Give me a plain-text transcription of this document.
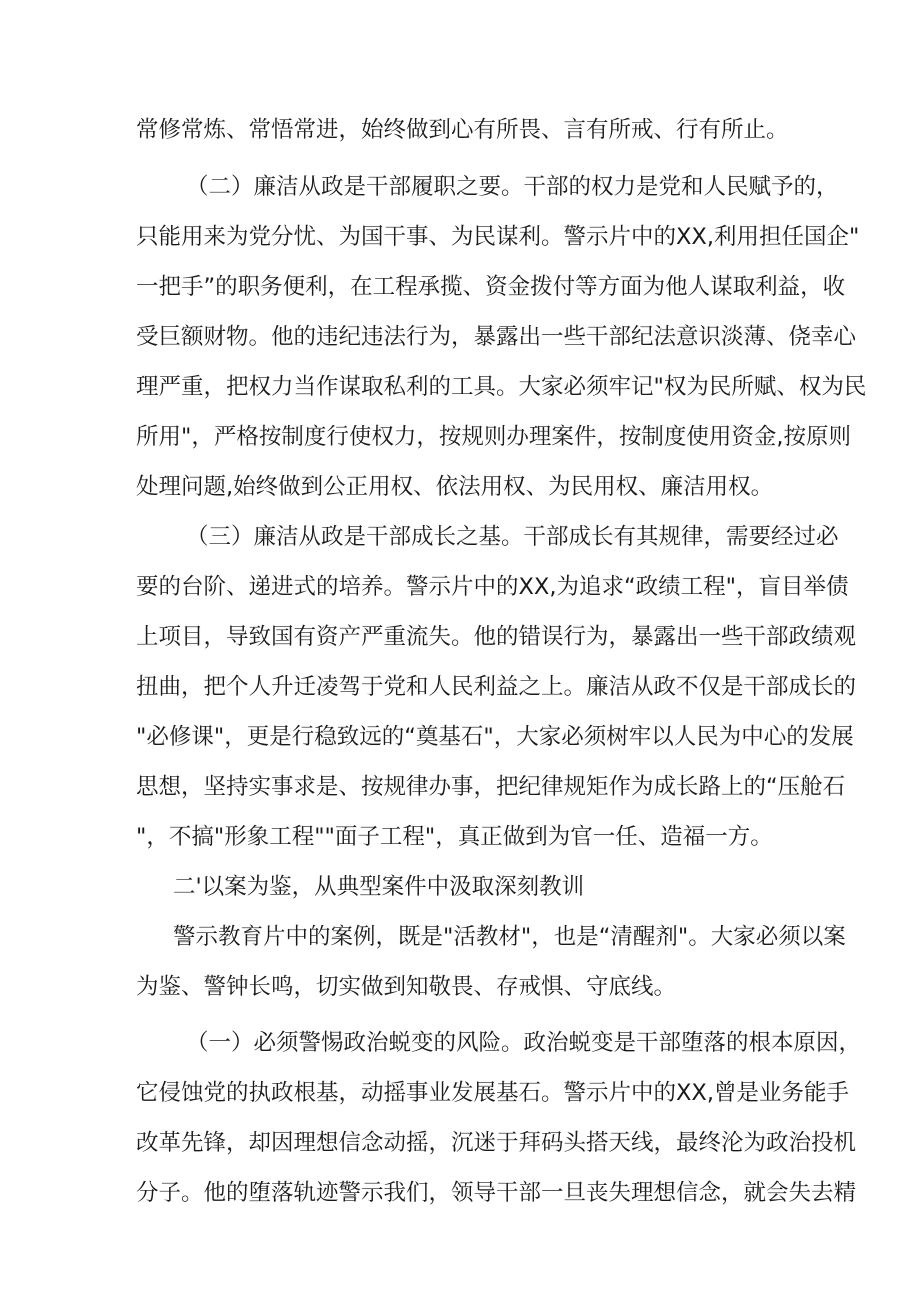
常修常炼、常悟常进，始终做到心有所畏、言有所戒、行有所止。
（二）廉洁从政是干部履职之要。干部的权力是党和人民赋予的，
只能用来为党分忧、为国干事、为民谋利。警示片中的XX,利用担任国企"
一把手”的职务便利，在工程承揽、资金拨付等方面为他人谋取利益，收
受巨额财物。他的违纪违法行为，暴露出一些干部纪法意识淡薄、侥幸心
理严重，把权力当作谋取私利的工具。大家必须牢记"权为民所赋、权为民
所用"，严格按制度行使权力，按规则办理案件，按制度使用资金,按原则
处理问题,始终做到公正用权、依法用权、为民用权、廉洁用权。
（三）廉洁从政是干部成长之基。干部成长有其规律，需要经过必
要的台阶、递进式的培养。警示片中的XX,为追求“政绩工程"，盲目举债
上项目，导致国有资产严重流失。他的错误行为，暴露出一些干部政绩观
扭曲，把个人升迁凌驾于党和人民利益之上。廉洁从政不仅是干部成长的
"必修课"，更是行稳致远的“奠基石"，大家必须树牢以人民为中心的发展
思想，坚持实事求是、按规律办事，把纪律规矩作为成长路上的“压舱石
"，不搞"形象工程""面子工程"，真正做到为官一任、造福一方。
二'以案为鉴，从典型案件中汲取深刻教训
警示教育片中的案例，既是"活教材"，也是“清醒剂"。大家必须以案
为鉴、警钟长鸣，切实做到知敬畏、存戒惧、守底线。
（一）必须警惕政治蜕变的风险。政治蜕变是干部堕落的根本原因，
它侵蚀党的执政根基，动摇事业发展基石。警示片中的XX,曾是业务能手
改革先锋，却因理想信念动摇，沉迷于拜码头搭天线，最终沦为政治投机
分子。他的堕落轨迹警示我们，领导干部一旦丧失理想信念，就会失去精
